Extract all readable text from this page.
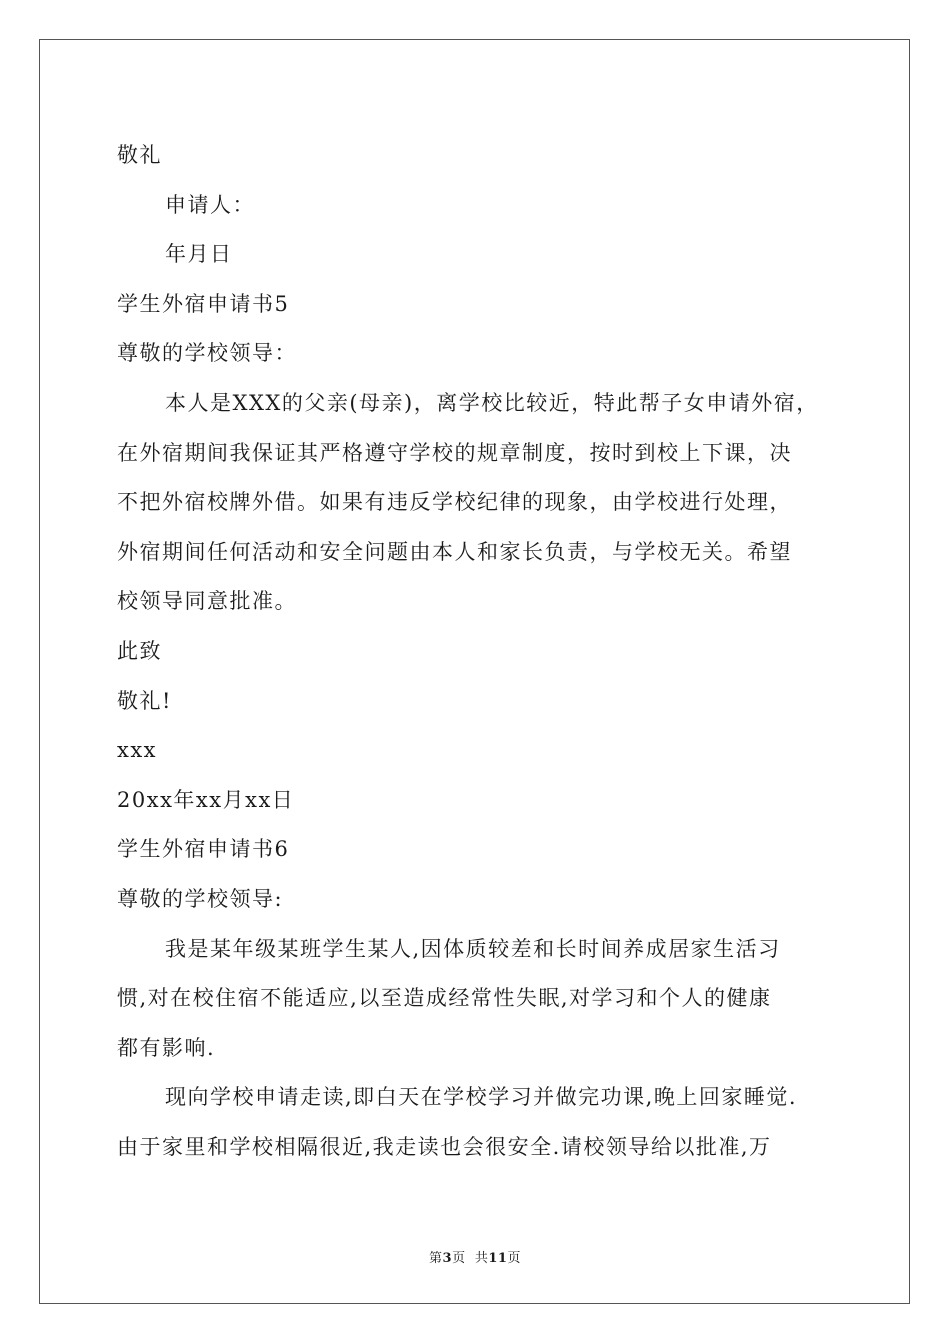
敬礼
申请人：
年月日
学生外宿申请书5
尊敬的学校领导：
本人是XXX的父亲(母亲)，离学校比较近，特此帮子女申请外宿，
在外宿期间我保证其严格遵守学校的规章制度，按时到校上下课，决
不把外宿校牌外借。如果有违反学校纪律的现象，由学校进行处理，
外宿期间任何活动和安全问题由本人和家长负责，与学校无关。希望
校领导同意批准。
此致
敬礼!
xxx
20xx年xx月xx日
学生外宿申请书6
尊敬的学校领导:
我是某年级某班学生某人,因体质较差和长时间养成居家生活习
惯,对在校住宿不能适应,以至造成经常性失眠,对学习和个人的健康
都有影响.
现向学校申请走读,即白天在学校学习并做完功课,晚上回家睡觉.
由于家里和学校相隔很近,我走读也会很安全.请校领导给以批准,万
第3页  共11页
